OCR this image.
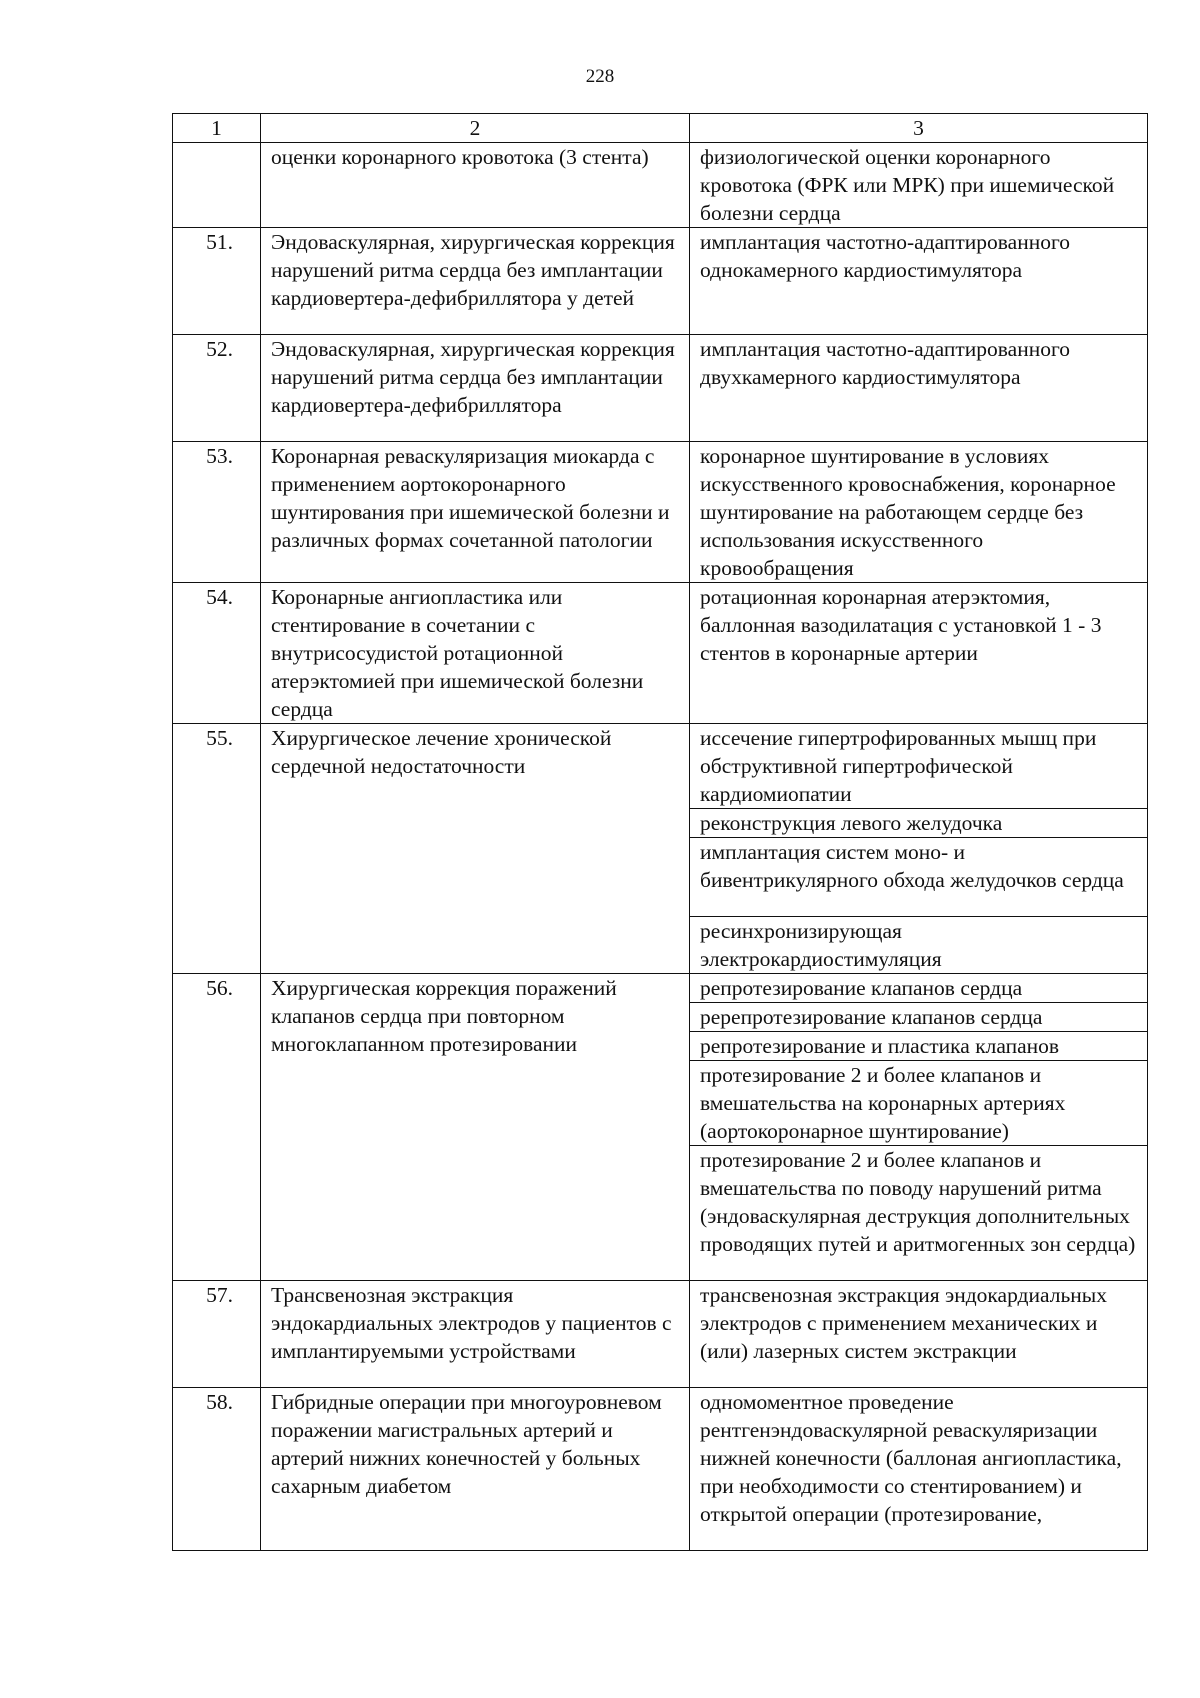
228
1	2	3
	оценки коронарного кровотока (3 стента)	физиологической оценки коронарного кровотока (ФРК или МРК) при ишемической болезни сердца
51.	Эндоваскулярная, хирургическая коррекция нарушений ритма сердца без имплантации кардиовертера-дефибриллятора у детей	имплантация частотно-адаптированного однокамерного кардиостимулятора
52.	Эндоваскулярная, хирургическая коррекция нарушений ритма сердца без имплантации кардиовертера-дефибриллятора	имплантация частотно-адаптированного двухкамерного кардиостимулятора
53.	Коронарная реваскуляризация миокарда с применением аортокоронарного шунтирования при ишемической болезни и различных формах сочетанной патологии	коронарное шунтирование в условиях искусственного кровоснабжения, коронарное шунтирование на работающем сердце без использования искусственного кровообращения
54.	Коронарные ангиопластика или стентирование в сочетании с внутрисосудистой ротационной атерэктомией при ишемической болезни сердца	ротационная коронарная атерэктомия, баллонная вазодилатация с установкой 1 - 3 стентов в коронарные артерии
55.	Хирургическое лечение хронической сердечной недостаточности	иссечение гипертрофированных мышц при обструктивной гипертрофической кардиомиопатии
		реконструкция левого желудочка
		имплантация систем моно- и бивентрикулярного обхода желудочков сердца
		ресинхронизирующая электрокардиостимуляция
56.	Хирургическая коррекция поражений клапанов сердца при повторном многоклапанном протезировании	репротезирование клапанов сердца
		ререпротезирование клапанов сердца
		репротезирование и пластика клапанов
		протезирование 2 и более клапанов и вмешательства на коронарных артериях (аортокоронарное шунтирование)
		протезирование 2 и более клапанов и вмешательства по поводу нарушений ритма (эндоваскулярная деструкция дополнительных проводящих путей и аритмогенных зон сердца)
57.	Трансвенозная экстракция эндокардиальных электродов у пациентов с имплантируемыми устройствами	трансвенозная экстракция эндокардиальных электродов с применением механических и (или) лазерных систем экстракции
58.	Гибридные операции при многоуровневом поражении магистральных артерий и артерий нижних конечностей у больных сахарным диабетом	одномоментное проведение рентгенэндоваскулярной реваскуляризации нижней конечности (баллоная ангиопластика, при необходимости со стентированием) и открытой операции (протезирование,
